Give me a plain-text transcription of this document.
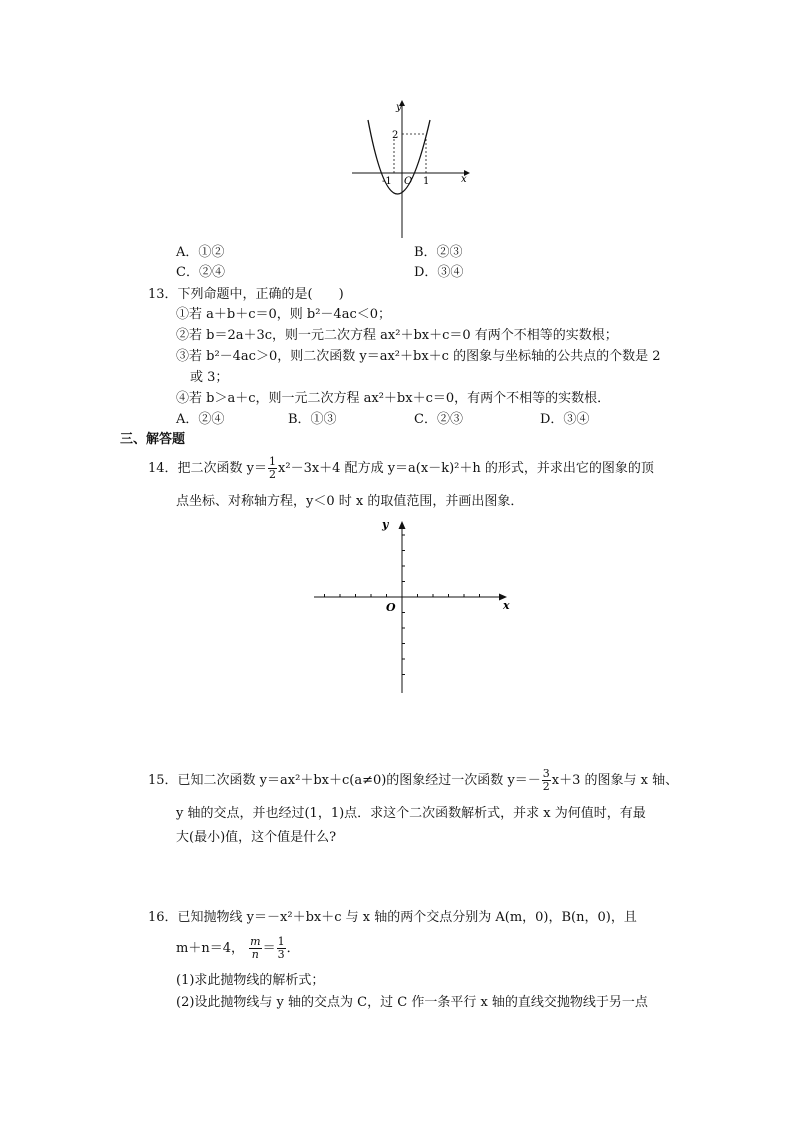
y
x
O
-1	1
2
A．①②	B．②③
C．②④	D．③④
13．下列命题中，正确的是(　　)
①若 a＋b＋c＝0，则 b²－4ac＜0；
②若 b＝2a＋3c，则一元二次方程 ax²＋bx＋c＝0 有两个不相等的实数根；
③若 b²－4ac＞0，则二次函数 y＝ax²＋bx＋c 的图象与坐标轴的公共点的个数是 2
或 3；
④若 b＞a＋c，则一元二次方程 ax²＋bx＋c＝0，有两个不相等的实数根．
A．②④	B．①③	C．②③	D．③④
三、解答题
14．把二次函数 $y= \frac{1}{2} x^2-3x+4$ 配方成 y＝a(x－k)²＋h 的形式，并求出它的图象的顶
点坐标、对称轴方程，y＜0 时 x 的取值范围，并画出图象．
y
x
O
15．已知二次函数 y＝ax²＋bx＋c(a≠0)的图象经过一次函数 $y=- \frac{3}{2} x+3$ 的图象与 x 轴、
y 轴的交点，并也经过(1，1)点．求这个二次函数解析式，并求 x 为何值时，有最
大(最小)值，这个值是什么?
16．已知抛物线 y＝－x²＋bx＋c 与 x 轴的两个交点分别为 A(m，0)，B(n，0)，且
m＋n＝4， $\frac{m}{n} = \frac{1}{3}$ ．
(1)求此抛物线的解析式；
(2)设此抛物线与 y 轴的交点为 C，过 C 作一条平行 x 轴的直线交抛物线于另一点
